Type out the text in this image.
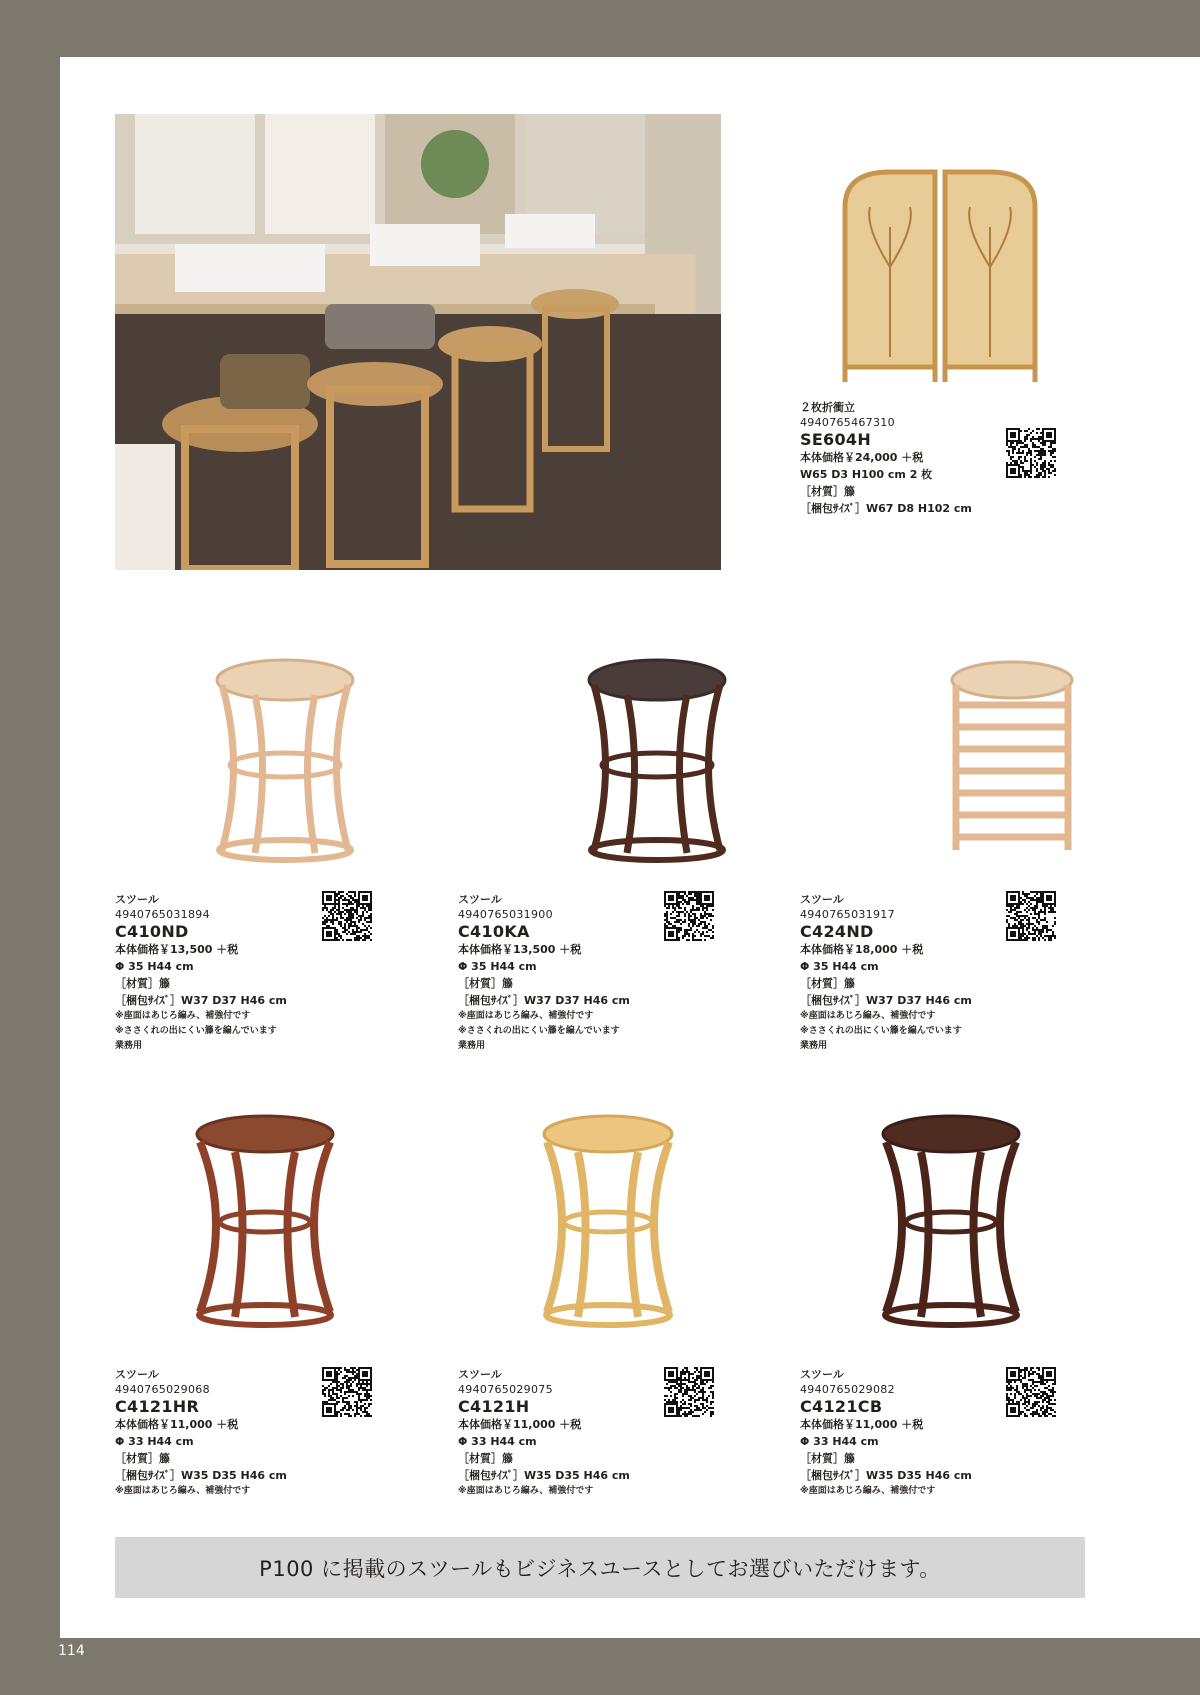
２枚折衝立
4940765467310
SE604H
本体価格￥24,000 ＋税
W65 D3 H100 cm 2 枚
［材質］籐
［梱包ｻｲｽﾞ］W67 D8 H102 cm
スツール
4940765031894
C410ND
本体価格￥13,500 ＋税
Φ 35 H44 cm
［材質］籐
［梱包ｻｲｽﾞ］W37 D37 H46 cm
※座面はあじろ編み、補強付です
※ささくれの出にくい籐を編んでいます
業務用
スツール
4940765031900
C410KA
本体価格￥13,500 ＋税
Φ 35 H44 cm
［材質］籐
［梱包ｻｲｽﾞ］W37 D37 H46 cm
※座面はあじろ編み、補強付です
※ささくれの出にくい籐を編んでいます
業務用
スツール
4940765031917
C424ND
本体価格￥18,000 ＋税
Φ 35 H44 cm
［材質］籐
［梱包ｻｲｽﾞ］W37 D37 H46 cm
※座面はあじろ編み、補強付です
※ささくれの出にくい籐を編んでいます
業務用
スツール
4940765029068
C4121HR
本体価格￥11,000 ＋税
Φ 33 H44 cm
［材質］籐
［梱包ｻｲｽﾞ］W35 D35 H46 cm
※座面はあじろ編み、補強付です
スツール
4940765029075
C4121H
本体価格￥11,000 ＋税
Φ 33 H44 cm
［材質］籐
［梱包ｻｲｽﾞ］W35 D35 H46 cm
※座面はあじろ編み、補強付です
スツール
4940765029082
C4121CB
本体価格￥11,000 ＋税
Φ 33 H44 cm
［材質］籐
［梱包ｻｲｽﾞ］W35 D35 H46 cm
※座面はあじろ編み、補強付です
P100 に掲載のスツールもビジネスユースとしてお選びいただけます。
114
